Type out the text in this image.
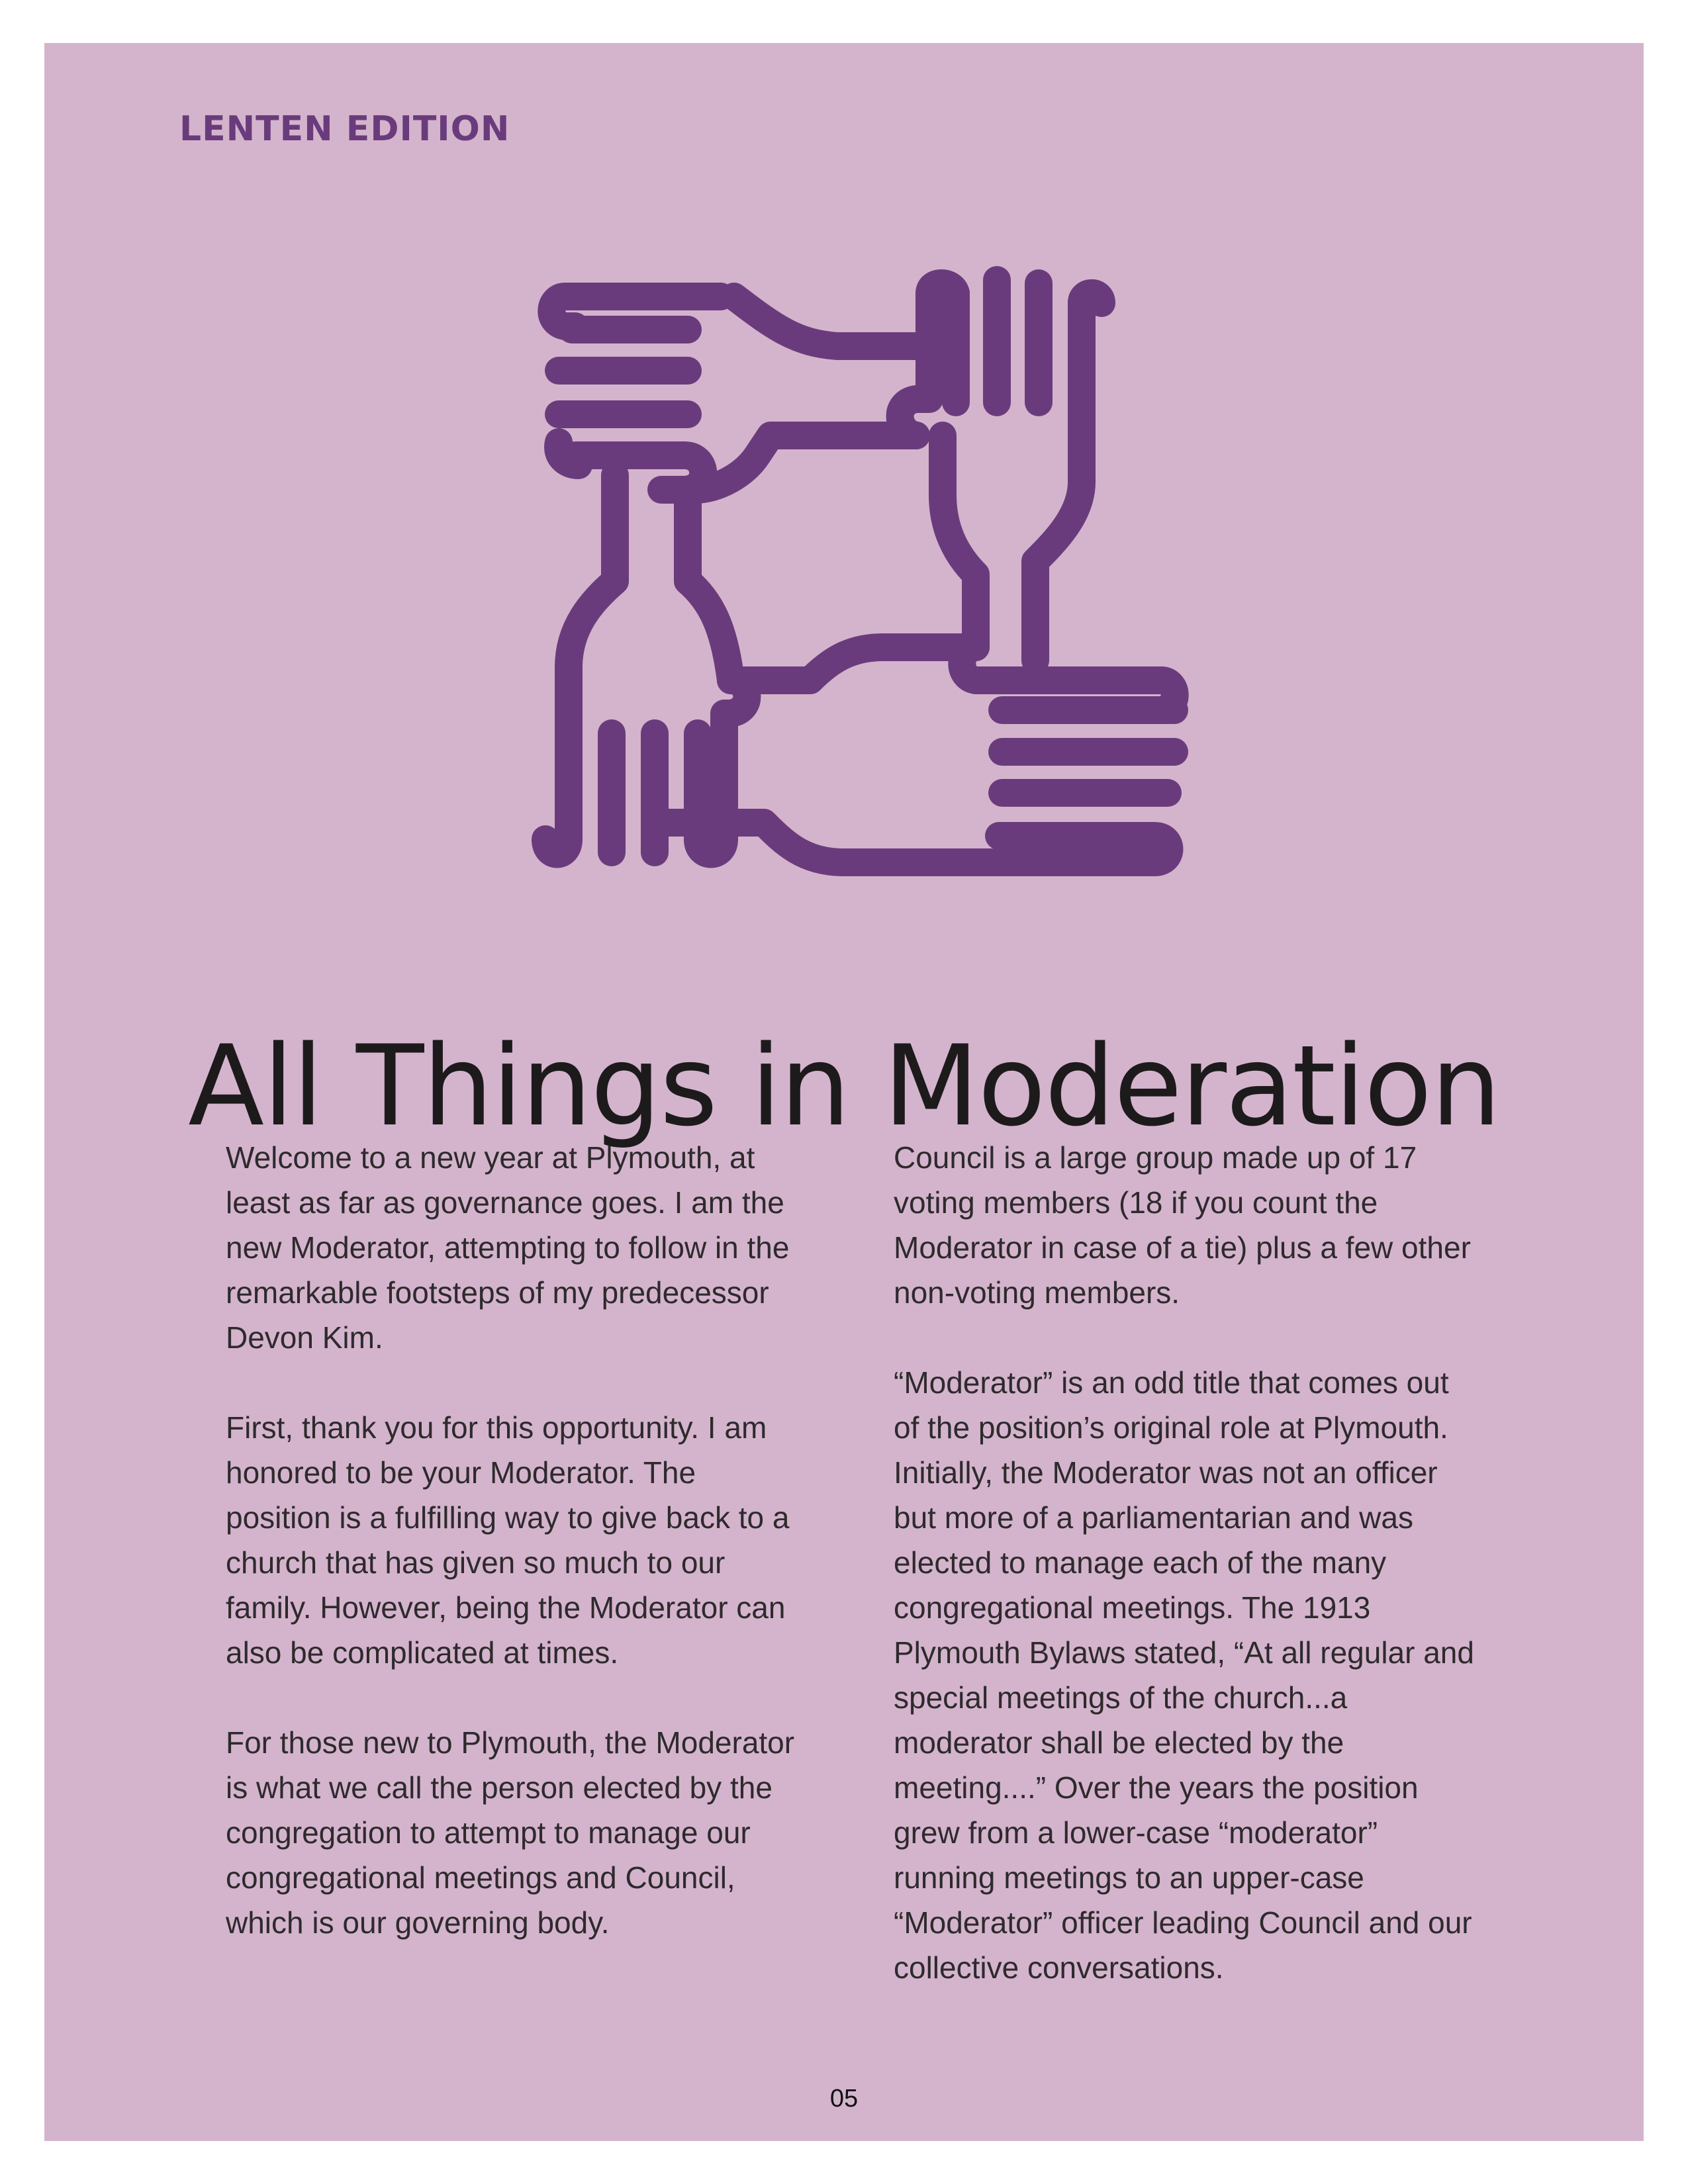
LENTEN EDITION
All Things in Moderation

Welcome to a new year at Plymouth, at least as far as governance goes. I am the new Moderator, attempting to follow in the remarkable footsteps of my predecessor Devon Kim.

First, thank you for this opportunity. I am honored to be your Moderator. The position is a fulfilling way to give back to a church that has given so much to our family. However, being the Moderator can also be complicated at times.

For those new to Plymouth, the Moderator is what we call the person elected by the congregation to attempt to manage our congregational meetings and Council, which is our governing body.

Council is a large group made up of 17 voting members (18 if you count the Moderator in case of a tie) plus a few other non-voting members.

“Moderator” is an odd title that comes out of the position’s original role at Plymouth. Initially, the Moderator was not an officer but more of a parliamentarian and was elected to manage each of the many congregational meetings. The 1913 Plymouth Bylaws stated, “At all regular and special meetings of the church...a moderator shall be elected by the meeting....” Over the years the position grew from a lower-case “moderator” running meetings to an upper-case “Moderator” officer leading Council and our collective conversations.

05
